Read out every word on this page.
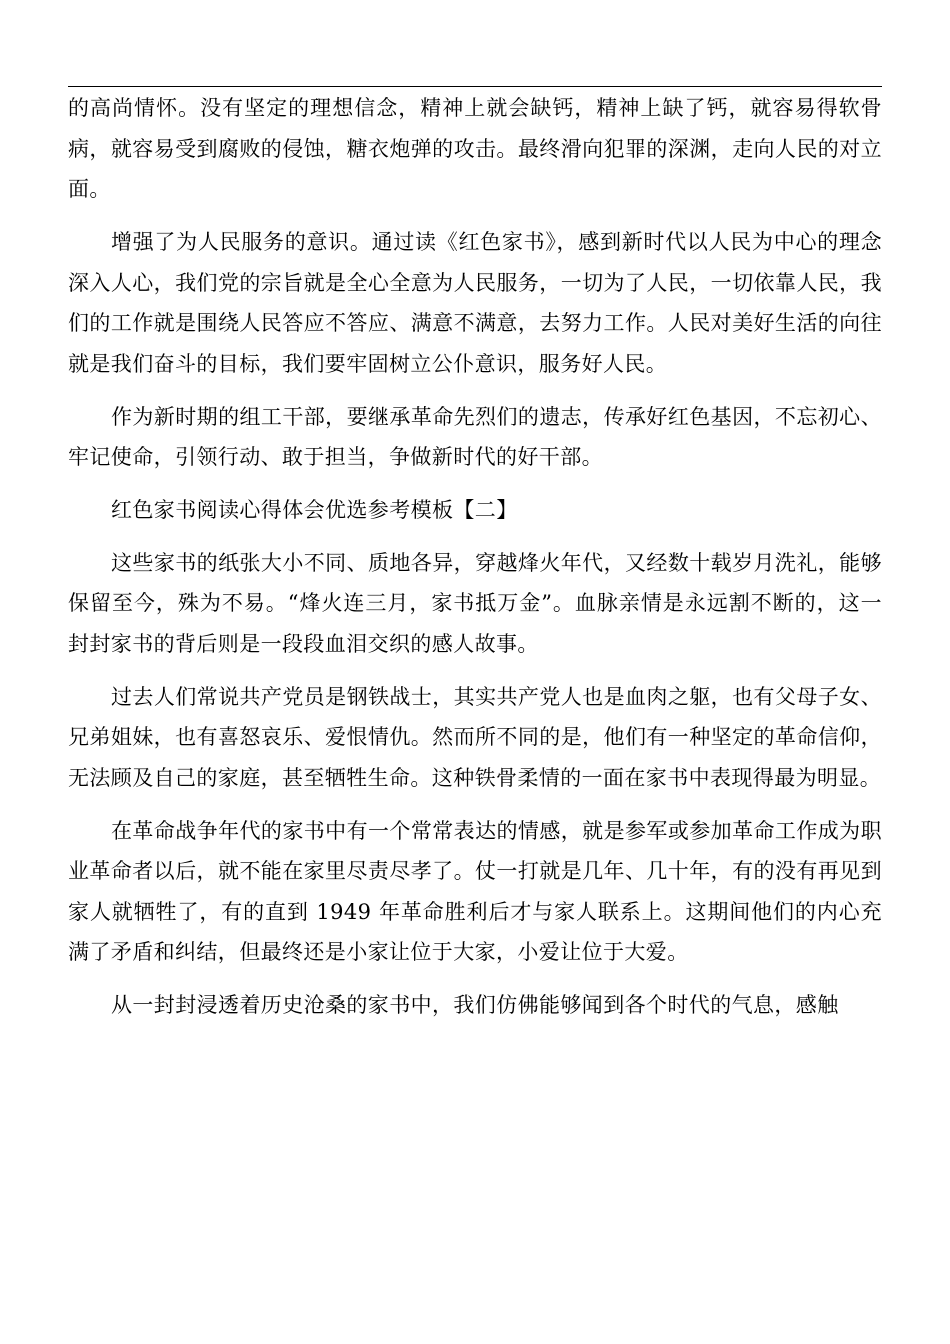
的高尚情怀。没有坚定的理想信念，精神上就会缺钙，精神上缺了钙，就容易得软骨病，就容易受到腐败的侵蚀，糖衣炮弹的攻击。最终滑向犯罪的深渊，走向人民的对立面。

增强了为人民服务的意识。通过读《红色家书》，感到新时代以人民为中心的理念深入人心，我们党的宗旨就是全心全意为人民服务，一切为了人民，一切依靠人民，我们的工作就是围绕人民答应不答应、满意不满意，去努力工作。人民对美好生活的向往就是我们奋斗的目标，我们要牢固树立公仆意识，服务好人民。

作为新时期的组工干部，要继承革命先烈们的遗志，传承好红色基因，不忘初心、牢记使命，引领行动、敢于担当，争做新时代的好干部。

红色家书阅读心得体会优选参考模板【二】

这些家书的纸张大小不同、质地各异，穿越烽火年代，又经数十载岁月洗礼，能够保留至今，殊为不易。“烽火连三月，家书抵万金”。血脉亲情是永远割不断的，这一封封家书的背后则是一段段血泪交织的感人故事。

过去人们常说共产党员是钢铁战士，其实共产党人也是血肉之躯，也有父母子女、兄弟姐妹，也有喜怒哀乐、爱恨情仇。然而所不同的是，他们有一种坚定的革命信仰，无法顾及自己的家庭，甚至牺牲生命。这种铁骨柔情的一面在家书中表现得最为明显。

在革命战争年代的家书中有一个常常表达的情感，就是参军或参加革命工作成为职业革命者以后，就不能在家里尽责尽孝了。仗一打就是几年、几十年，有的没有再见到家人就牺牲了，有的直到 1949 年革命胜利后才与家人联系上。这期间他们的内心充满了矛盾和纠结，但最终还是小家让位于大家，小爱让位于大爱。

从一封封浸透着历史沧桑的家书中，我们仿佛能够闻到各个时代的气息，感触
